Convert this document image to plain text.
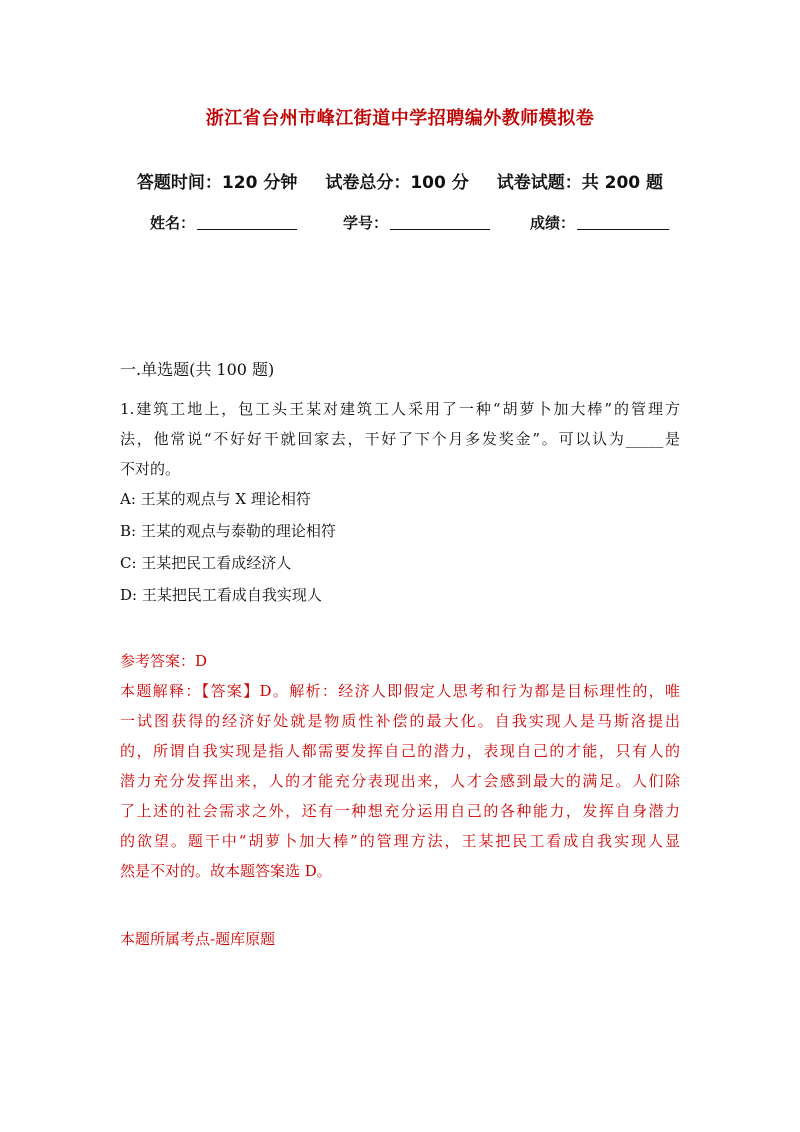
浙江省台州市峰江街道中学招聘编外教师模拟卷
答题时间：120 分钟 试卷总分：100 分 试卷试题：共 200 题
姓名：	学号：	成绩：
一.单选题(共 100 题)
1.建筑工地上，包工头王某对建筑工人采用了一种“胡萝卜加大棒”的管理方
法，他常说“不好好干就回家去，干好了下个月多发奖金”。可以认为_____是
不对的。
A: 王某的观点与 X 理论相符
B: 王某的观点与泰勒的理论相符
C: 王某把民工看成经济人
D: 王某把民工看成自我实现人
参考答案：D
本题解释：【答案】D。解析：经济人即假定人思考和行为都是目标理性的，唯
一试图获得的经济好处就是物质性补偿的最大化。自我实现人是马斯洛提出
的，所谓自我实现是指人都需要发挥自己的潜力，表现自己的才能，只有人的
潜力充分发挥出来，人的才能充分表现出来，人才会感到最大的满足。人们除
了上述的社会需求之外，还有一种想充分运用自己的各种能力，发挥自身潜力
的欲望。题干中“胡萝卜加大棒”的管理方法，王某把民工看成自我实现人显
然是不对的。故本题答案选 D。
本题所属考点-题库原题
